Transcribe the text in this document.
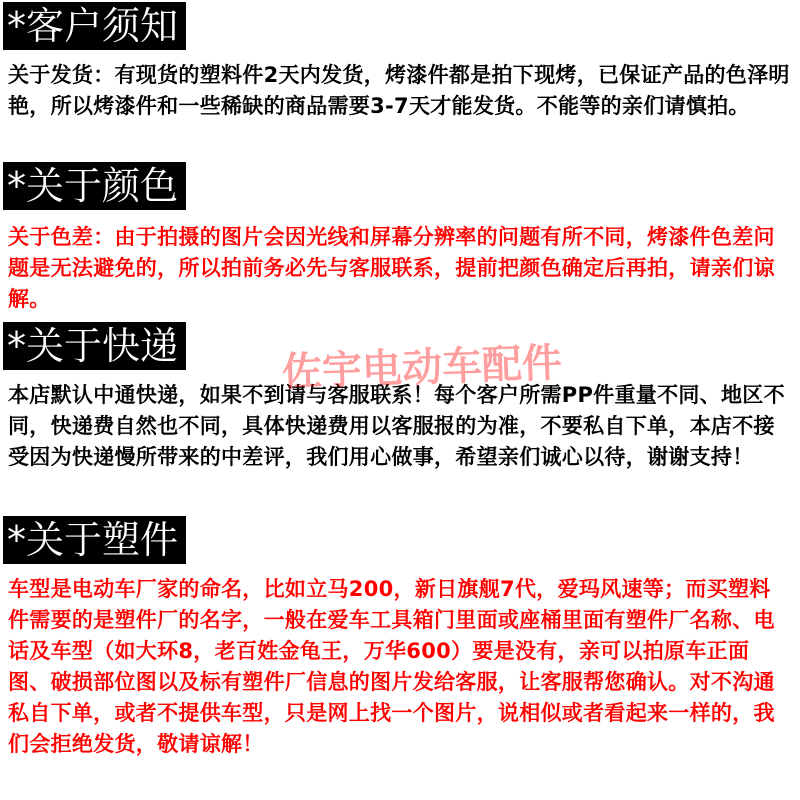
*客户须知

关于发货：有现货的塑料件2天内发货，烤漆件都是拍下现烤，已保证产品的色泽明艳，所以烤漆件和一些稀缺的商品需要3-7天才能发货。不能等的亲们请慎拍。

*关于颜色

关于色差：由于拍摄的图片会因光线和屏幕分辨率的问题有所不同，烤漆件色差问题是无法避免的，所以拍前务必先与客服联系，提前把颜色确定后再拍，请亲们谅解。

*关于快递

本店默认中通快递，如果不到请与客服联系！每个客户所需PP件重量不同、地区不同，快递费自然也不同，具体快递费用以客服报的为准，不要私自下单，本店不接受因为快递慢所带来的中差评，我们用心做事，希望亲们诚心以待，谢谢支持！

*关于塑件

车型是电动车厂家的命名，比如立马200，新日旗舰7代，爱玛风速等；而买塑料件需要的是塑件厂的名字，一般在爱车工具箱门里面或座桶里面有塑件厂名称、电话及车型（如大环8，老百姓金龟王，万华600）要是没有，亲可以拍原车正面图、破损部位图以及标有塑件厂信息的图片发给客服，让客服帮您确认。对不沟通私自下单，或者不提供车型，只是网上找一个图片，说相似或者看起来一样的，我们会拒绝发货，敬请谅解！

佐宇电动车配件
